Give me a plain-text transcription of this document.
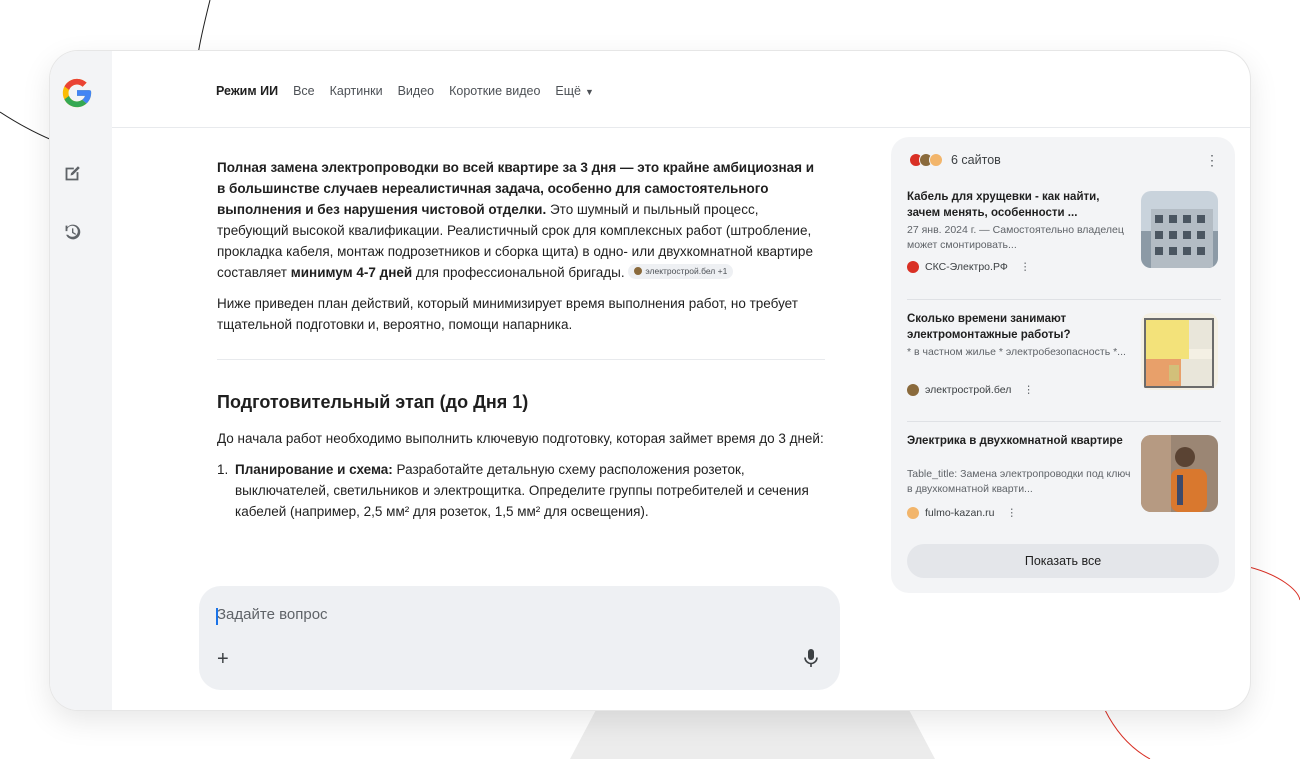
Режим ИИ Все Картинки Видео Короткие видео Ещё ▼

Полная замена электропроводки во всей квартире за 3 дня — это крайне амбициозная и в большинстве случаев нереалистичная задача, особенно для самостоятельного выполнения и без нарушения чистовой отделки. Это шумный и пыльный процесс, требующий высокой квалификации. Реалистичный срок для комплексных работ (штробление, прокладка кабеля, монтаж подрозетников и сборка щита) в одно- или двухкомнатной квартире составляет минимум 4-7 дней для профессиональной бригады. электрострой.бел +1

Ниже приведен план действий, который минимизирует время выполнения работ, но требует тщательной подготовки и, вероятно, помощи напарника.

Подготовительный этап (до Дня 1)

До начала работ необходимо выполнить ключевую подготовку, которая займет время до 3 дней:

1. Планирование и схема: Разработайте детальную схему расположения розеток, выключателей, светильников и электрощитка. Определите группы потребителей и сечения кабелей (например, 2,5 мм² для розеток, 1,5 мм² для освещения).
Задайте вопрос
+
6 сайтов	⋮
Кабель для хрущевки - как найти, зачем менять, особенности ...
27 янв. 2024 г. — Самостоятельно владелец может смонтировать...
СКС-Электро.РФ ⋮
Сколько времени занимают электромонтажные работы?
* в частном жилье * электробезопасность *...
электрострой.бел ⋮
Электрика в двухкомнатной квартире
Table_title: Замена электропроводки под ключ в двухкомнатной кварти...
fulmo-kazan.ru ⋮
Показать все
